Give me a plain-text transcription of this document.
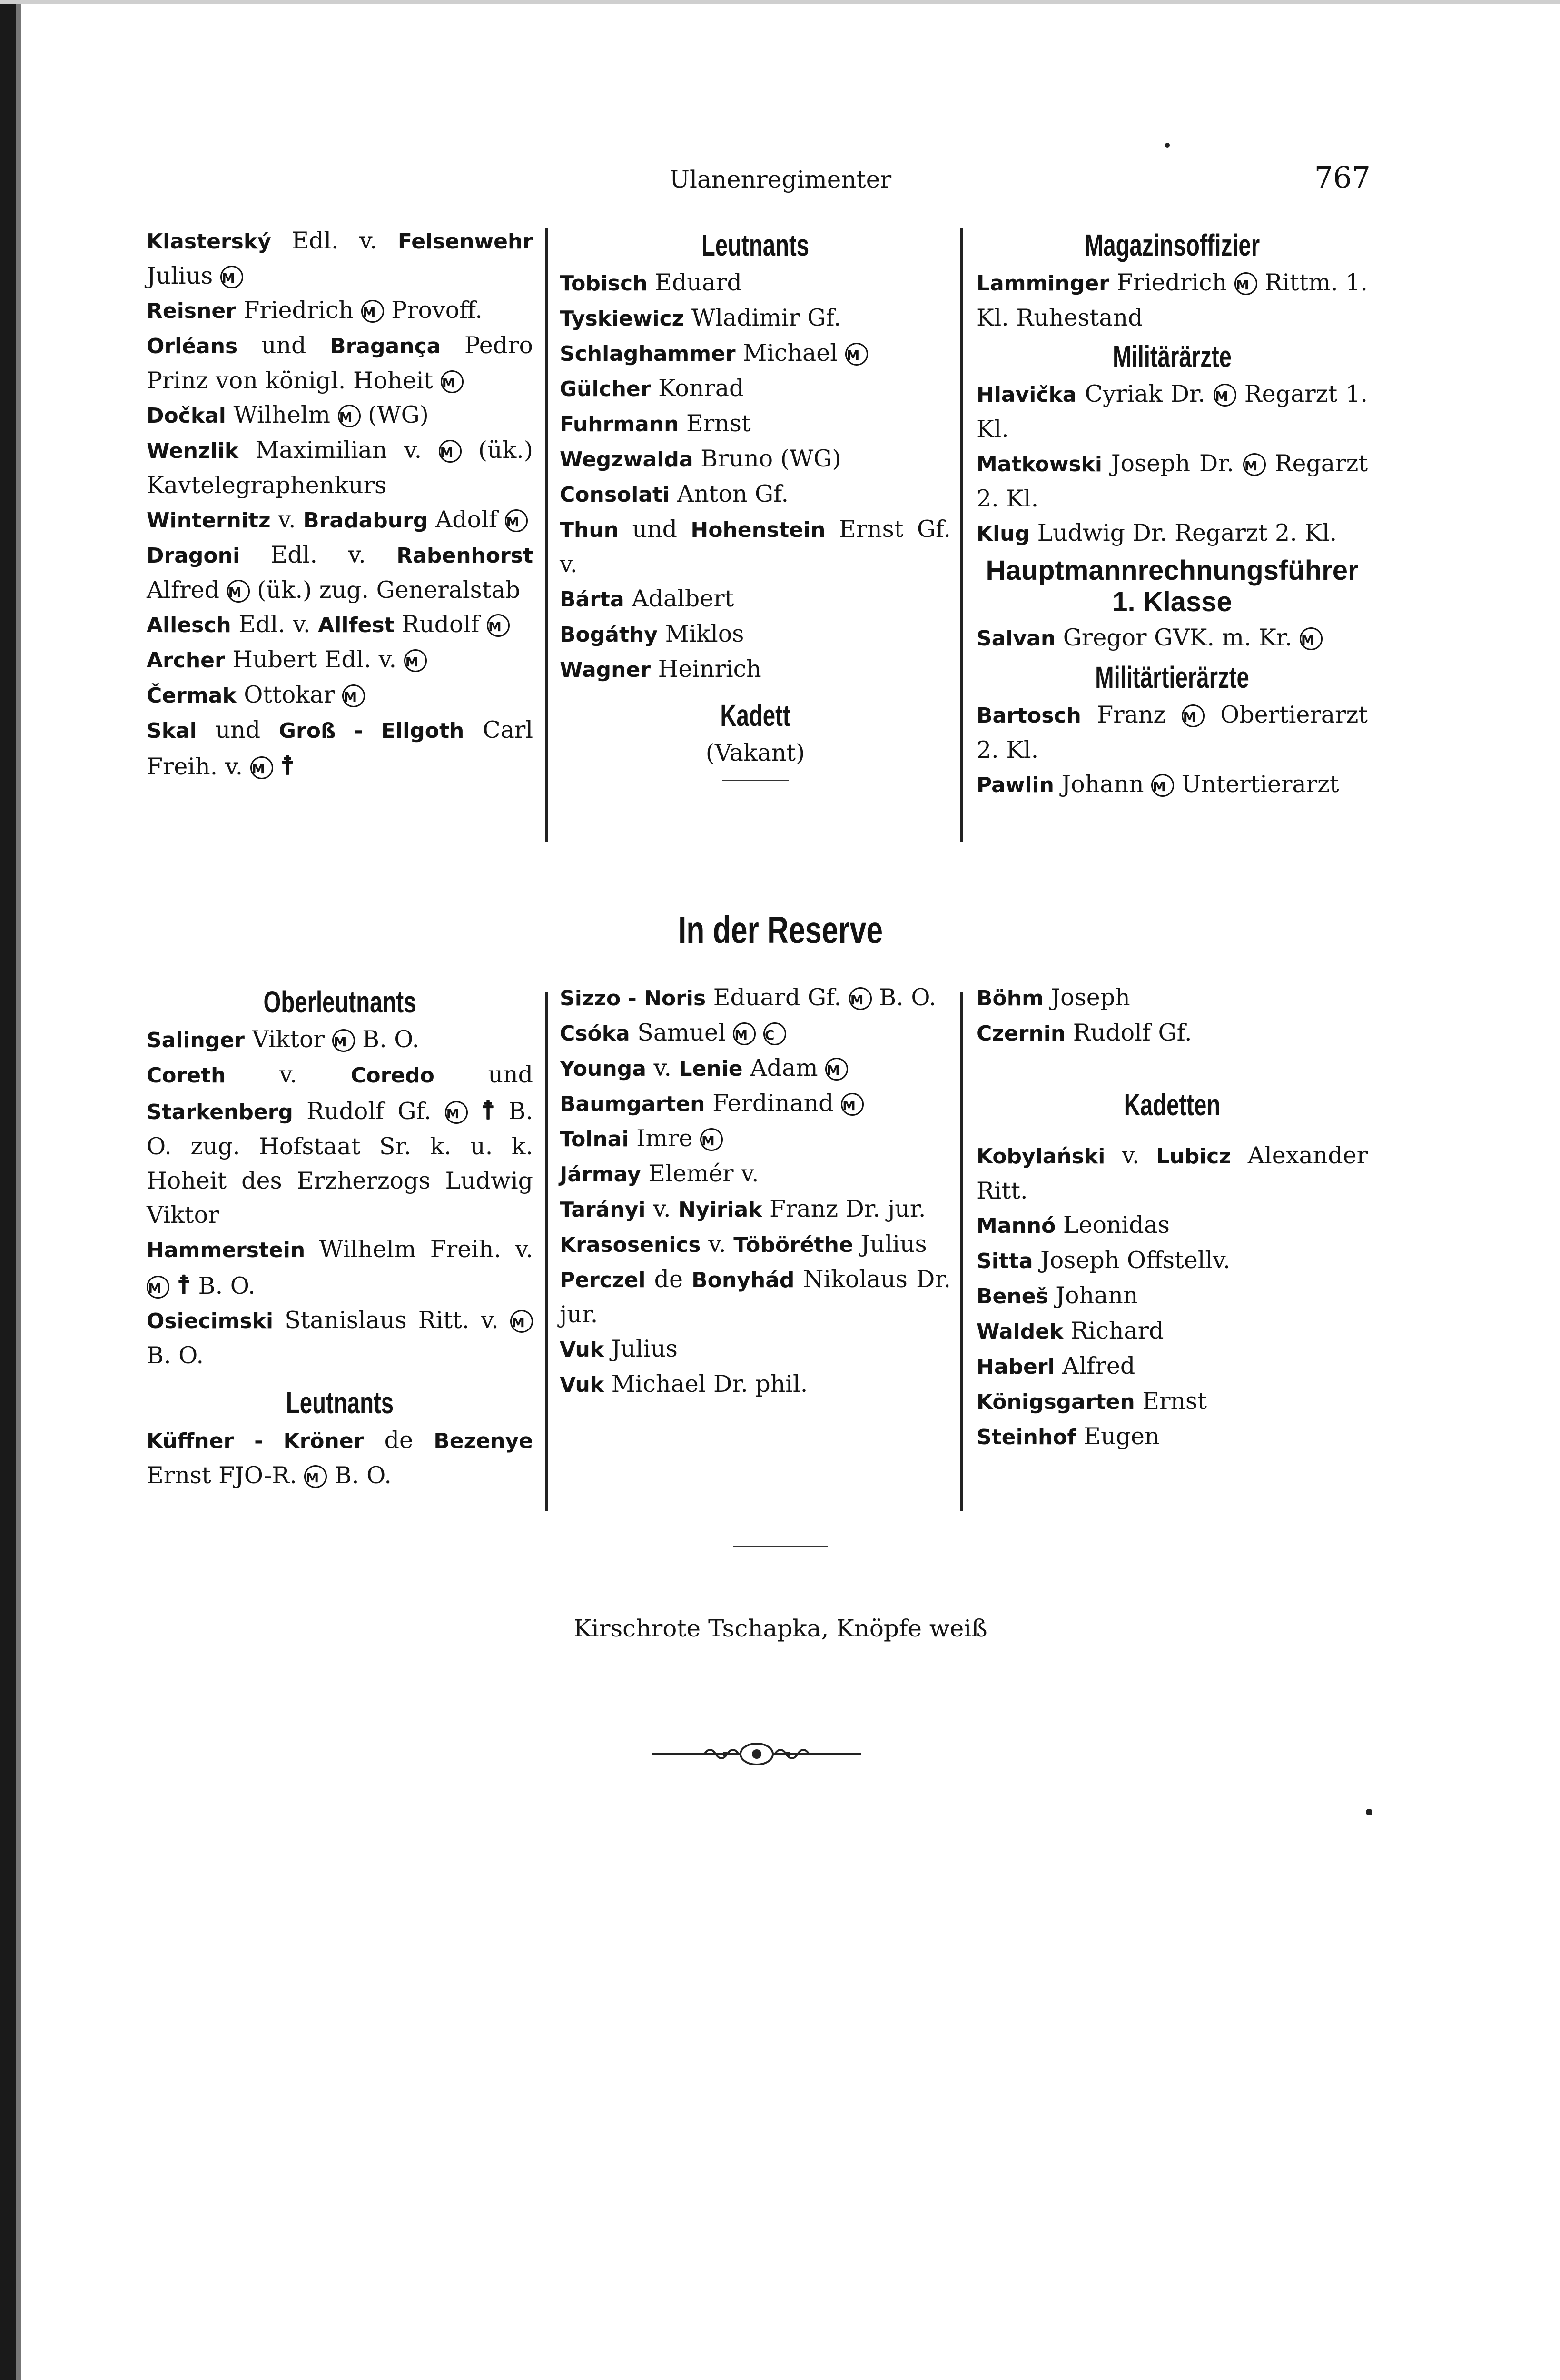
Ulanenregimenter	767
Klasterský Edl. v. Felsenwehr Julius M
Reisner Friedrich M Provoff.
Orléans und Bragança Pedro Prinz von königl. Hoheit M
Dočkal Wilhelm M (WG)
Wenzlik Maximilian v. M (ük.) Kavtelegraphenkurs
Winternitz v. Bradaburg Adolf M
Dragoni Edl. v. Rabenhorst Alfred M (ük.) zug. Generalstab
Allesch Edl. v. Allfest Rudolf M
Archer Hubert Edl. v. M
Čermak Ottokar M
Skal und Groß - Ellgoth Carl Freih. v. M ☨
Leutnants
Tobisch Eduard
Tyskiewicz Wladimir Gf.
Schlaghammer Michael M
Gülcher Konrad
Fuhrmann Ernst
Wegzwalda Bruno (WG)
Consolati Anton Gf.
Thun und Hohenstein Ernst Gf. v.
Bárta Adalbert
Bogáthy Miklos
Wagner Heinrich
Kadett
(Vakant)
Magazinsoffizier
Lamminger Friedrich M Rittm. 1. Kl. Ruhestand
Militärärzte
Hlavička Cyriak Dr. M Regarzt 1. Kl.
Matkowski Joseph Dr. M Regarzt 2. Kl.
Klug Ludwig Dr. Regarzt 2. Kl.
Hauptmannrechnungsführer 1. Klasse
Salvan Gregor GVK. m. Kr. M
Militärtierärzte
Bartosch Franz M Obertierarzt 2. Kl.
Pawlin Johann M Untertierarzt
In der Reserve
Oberleutnants
Salinger Viktor M B. O.
Coreth v. Coredo und Starkenberg Rudolf Gf. M ☨ B. O. zug. Hofstaat Sr. k. u. k. Hoheit des Erzherzogs Ludwig Viktor
Hammerstein Wilhelm Freih. v. M ☨ B. O.
Osiecimski Stanislaus Ritt. v. M B. O.
Leutnants
Küffner - Kröner de Bezenye Ernst FJO-R. M B. O.
Sizzo - Noris Eduard Gf. M B. O.
Csóka Samuel M C
Younga v. Lenie Adam M
Baumgarten Ferdinand M
Tolnai Imre M
Jármay Elemér v.
Tarányi v. Nyiriak Franz Dr. jur.
Krasosenics v. Töböréthe Julius
Perczel de Bonyhád Nikolaus Dr. jur.
Vuk Julius
Vuk Michael Dr. phil.
Böhm Joseph
Czernin Rudolf Gf.
Kadetten
Kobylański v. Lubicz Alexander Ritt.
Mannó Leonidas
Sitta Joseph Offstellv.
Beneš Johann
Waldek Richard
Haberl Alfred
Königsgarten Ernst
Steinhof Eugen
Kirschrote Tschapka, Knöpfe weiß
